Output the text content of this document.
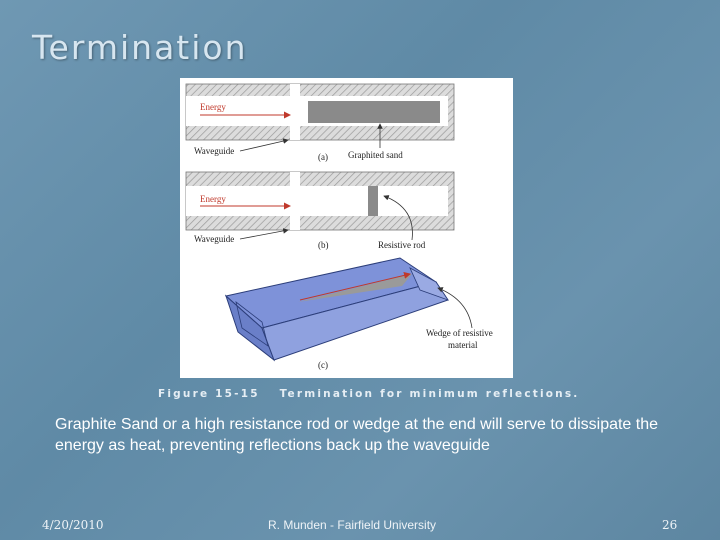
Termination
Energy
Waveguide
(a) Graphited sand
Energy
Waveguide
(b)	Resistive rod
Wedge of resistive
material
(c)
Figure 15-15 Termination for minimum reflections.

Graphite Sand or a high resistance rod or wedge at the end will serve to dissipate the energy as heat, preventing reflections back up the waveguide

4/20/2010	R. Munden - Fairfield University	26
